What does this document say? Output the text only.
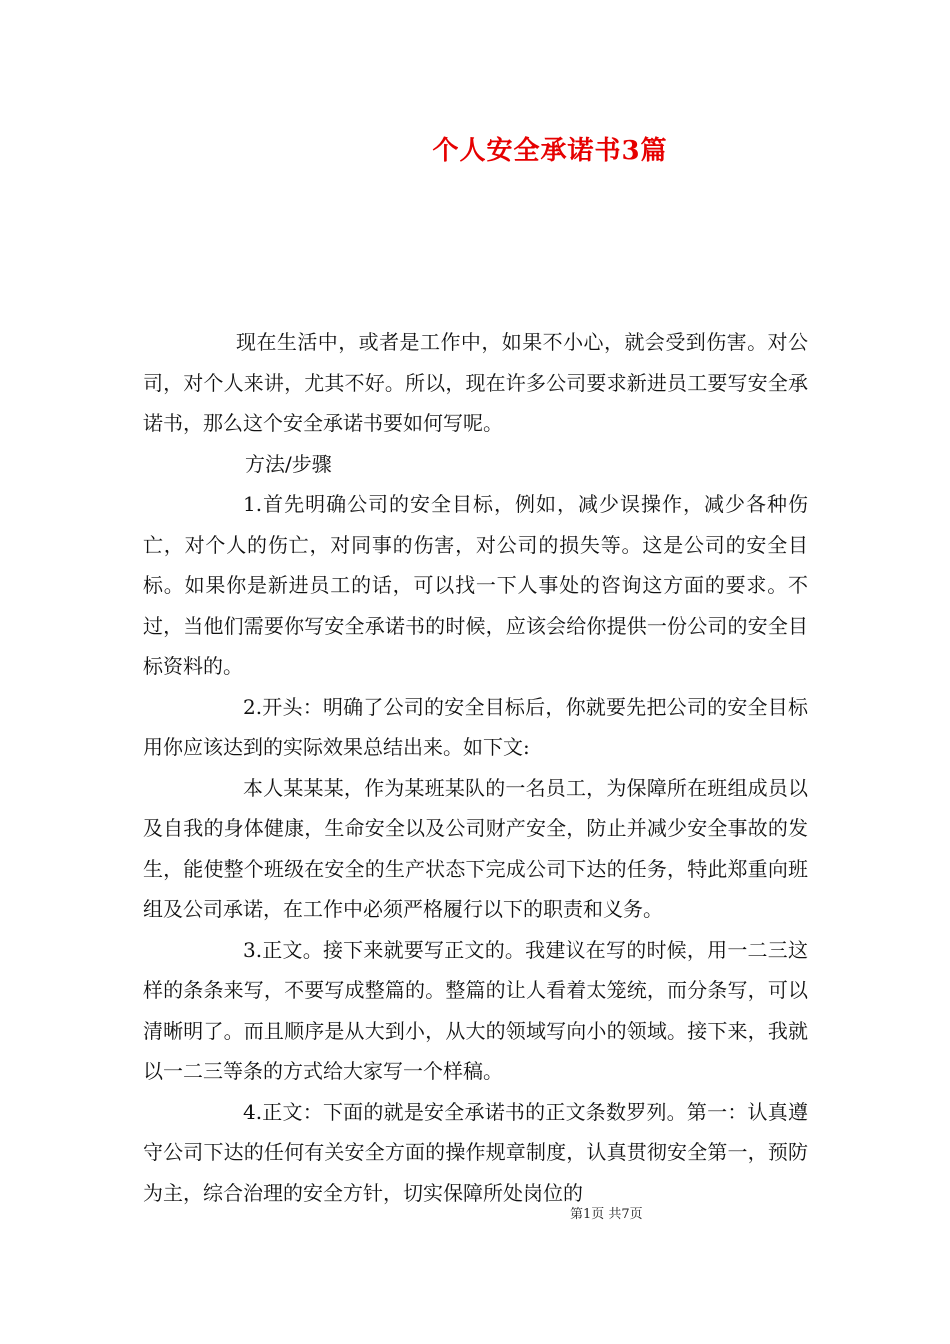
个人安全承诺书3篇

现在生活中，或者是工作中，如果不小心，就会受到伤害。对公司，对个人来讲，尤其不好。所以，现在许多公司要求新进员工要写安全承诺书，那么这个安全承诺书要如何写呢。

方法/步骤

1.首先明确公司的安全目标，例如，减少误操作，减少各种伤亡，对个人的伤亡，对同事的伤害，对公司的损失等。这是公司的安全目标。如果你是新进员工的话，可以找一下人事处的咨询这方面的要求。不过，当他们需要你写安全承诺书的时候，应该会给你提供一份公司的安全目标资料的。

2.开头：明确了公司的安全目标后，你就要先把公司的安全目标用你应该达到的实际效果总结出来。如下文:

本人某某某，作为某班某队的一名员工，为保障所在班组成员以及自我的身体健康，生命安全以及公司财产安全，防止并减少安全事故的发生，能使整个班级在安全的生产状态下完成公司下达的任务，特此郑重向班组及公司承诺，在工作中必须严格履行以下的职责和义务。

3.正文。接下来就要写正文的。我建议在写的时候，用一二三这样的条条来写，不要写成整篇的。整篇的让人看着太笼统，而分条写，可以清晰明了。而且顺序是从大到小，从大的领域写向小的领域。接下来，我就以一二三等条的方式给大家写一个样稿。

4.正文：下面的就是安全承诺书的正文条数罗列。第一：认真遵守公司下达的任何有关安全方面的操作规章制度，认真贯彻安全第一，预防为主，综合治理的安全方针，切实保障所处岗位的

第1页 共7页
